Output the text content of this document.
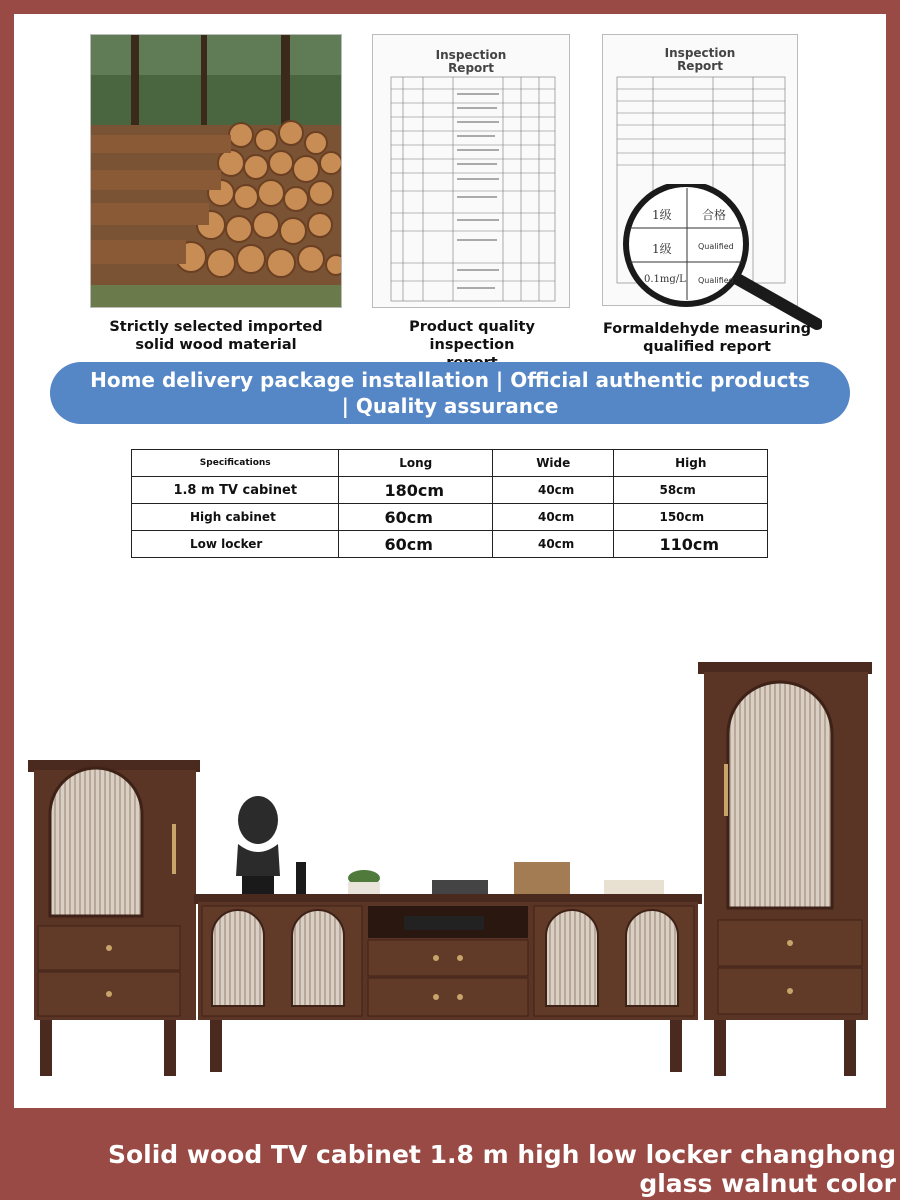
Strictly selected imported
solid wood material
Inspection
Report
Product quality inspection

Inspection
Report
1级	合格
1级	Qualified
0.1mg/L Qualified
Formaldehyde measuring
qualified report
Home delivery package installation | Official authentic products | Quality assurance
Specifications	Long	Wide	High
1.8 m TV cabinet	180cm	40cm	58cm
High cabinet	60cm	40cm	150cm
Low locker	60cm	40cm	110cm
Solid wood TV cabinet 1.8 m high low locker changhong glass walnut color
